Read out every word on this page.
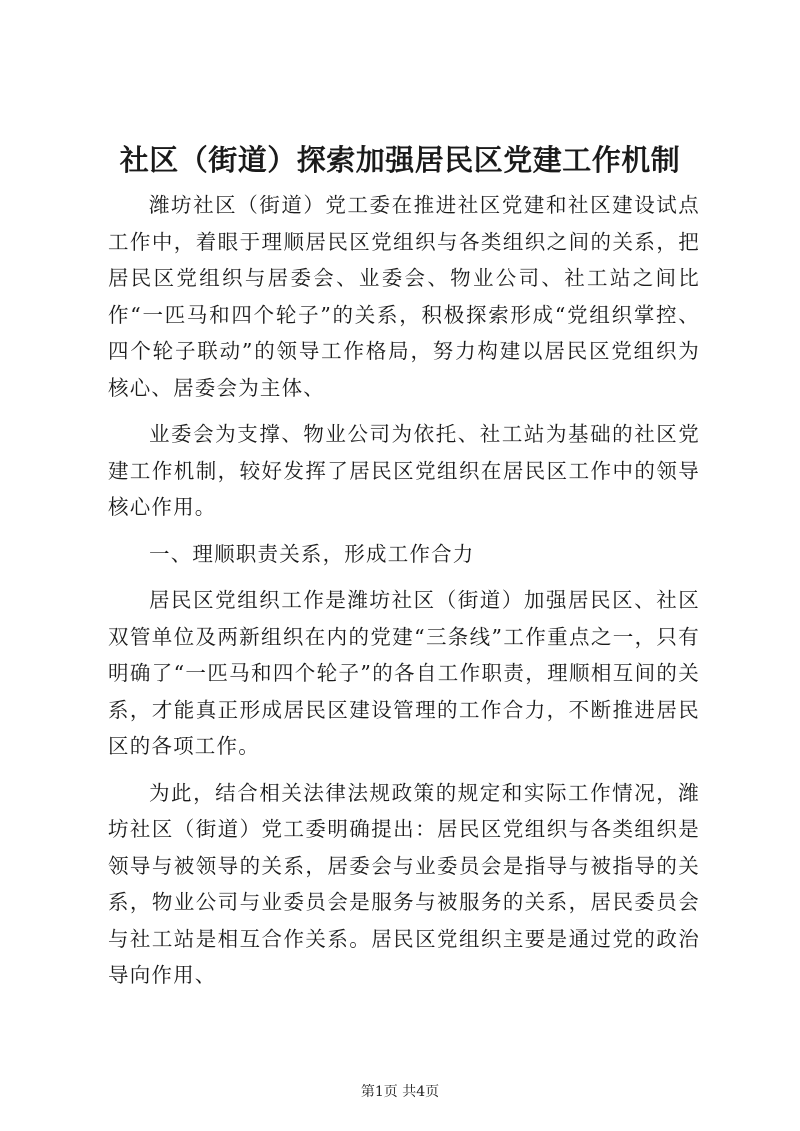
社区（街道）探索加强居民区党建工作机制

潍坊社区（街道）党工委在推进社区党建和社区建设试点工作中，着眼于理顺居民区党组织与各类组织之间的关系，把居民区党组织与居委会、业委会、物业公司、社工站之间比作“一匹马和四个轮子”的关系，积极探索形成“党组织掌控、四个轮子联动”的领导工作格局，努力构建以居民区党组织为核心、居委会为主体、

业委会为支撑、物业公司为依托、社工站为基础的社区党建工作机制，较好发挥了居民区党组织在居民区工作中的领导核心作用。

一、理顺职责关系，形成工作合力

居民区党组织工作是潍坊社区（街道）加强居民区、社区双管单位及两新组织在内的党建“三条线”工作重点之一，只有明确了“一匹马和四个轮子”的各自工作职责，理顺相互间的关系，才能真正形成居民区建设管理的工作合力，不断推进居民区的各项工作。

为此，结合相关法律法规政策的规定和实际工作情况，潍坊社区（街道）党工委明确提出：居民区党组织与各类组织是领导与被领导的关系，居委会与业委员会是指导与被指导的关系，物业公司与业委员会是服务与被服务的关系，居民委员会与社工站是相互合作关系。居民区党组织主要是通过党的政治导向作用、

第1页 共4页
